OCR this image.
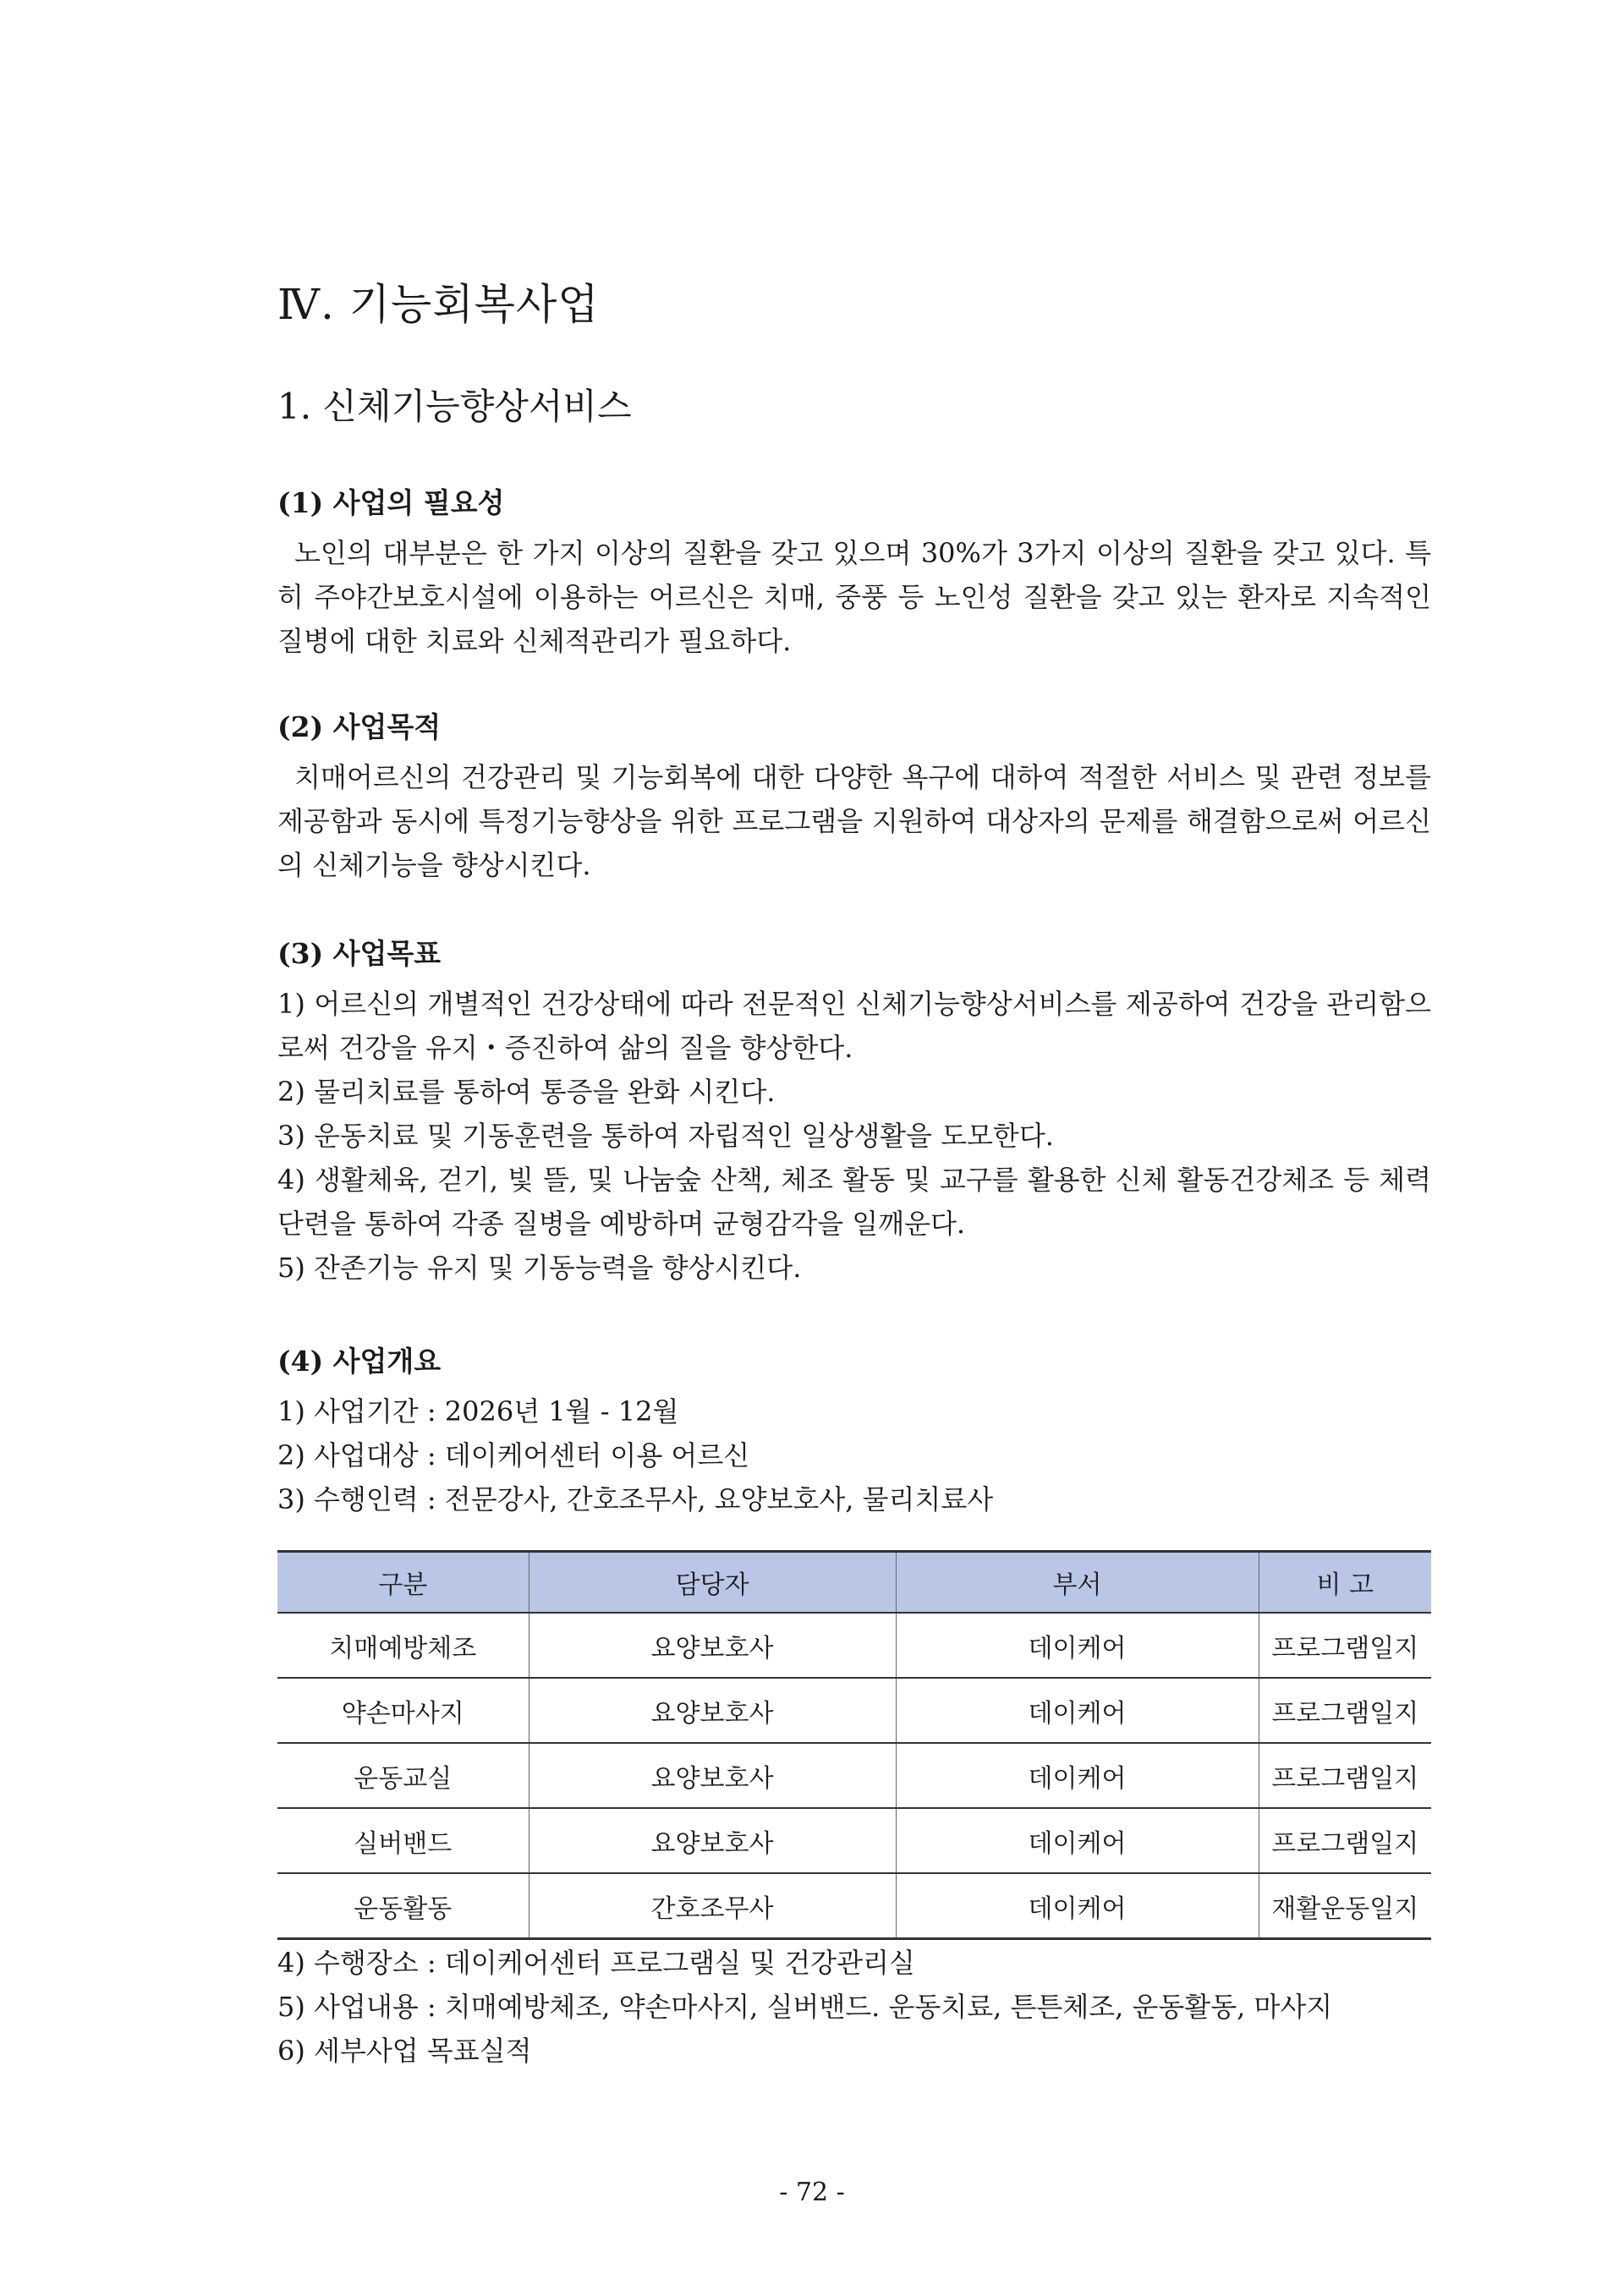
Ⅳ. 기능회복사업
1. 신체기능향상서비스
(1) 사업의 필요성

노인의 대부분은 한 가지 이상의 질환을 갖고 있으며 30%가 3가지 이상의 질환을 갖고 있다. 특히 주야간보호시설에 이용하는 어르신은 치매, 중풍 등 노인성 질환을 갖고 있는 환자로 지속적인 질병에 대한 치료와 신체적관리가 필요하다.

(2) 사업목적

치매어르신의 건강관리 및 기능회복에 대한 다양한 욕구에 대하여 적절한 서비스 및 관련 정보를 제공함과 동시에 특정기능향상을 위한 프로그램을 지원하여 대상자의 문제를 해결함으로써 어르신의 신체기능을 향상시킨다.

(3) 사업목표

1) 어르신의 개별적인 건강상태에 따라 전문적인 신체기능향상서비스를 제공하여 건강을 관리함으로써 건강을 유지・증진하여 삶의 질을 향상한다.

2) 물리치료를 통하여 통증을 완화 시킨다.

3) 운동치료 및 기동훈련을 통하여 자립적인 일상생활을 도모한다.

4) 생활체육, 걷기, 빛 뜰, 및 나눔숲 산책, 체조 활동 및 교구를 활용한 신체 활동건강체조 등 체력단련을 통하여 각종 질병을 예방하며 균형감각을 일깨운다.

5) 잔존기능 유지 및 기동능력을 향상시킨다.

(4) 사업개요

1) 사업기간 : 2026년 1월 - 12월

2) 사업대상 : 데이케어센터 이용 어르신

3) 수행인력 : 전문강사, 간호조무사, 요양보호사, 물리치료사

구분	담당자	부서	비 고
치매예방체조	요양보호사	데이케어	프로그램일지
약손마사지	요양보호사	데이케어	프로그램일지
운동교실	요양보호사	데이케어	프로그램일지
실버밴드	요양보호사	데이케어	프로그램일지
운동활동	간호조무사	데이케어	재활운동일지

4) 수행장소 : 데이케어센터 프로그램실 및 건강관리실

5) 사업내용 : 치매예방체조, 약손마사지, 실버밴드. 운동치료, 튼튼체조, 운동활동, 마사지

6) 세부사업 목표실적

- 72 -
